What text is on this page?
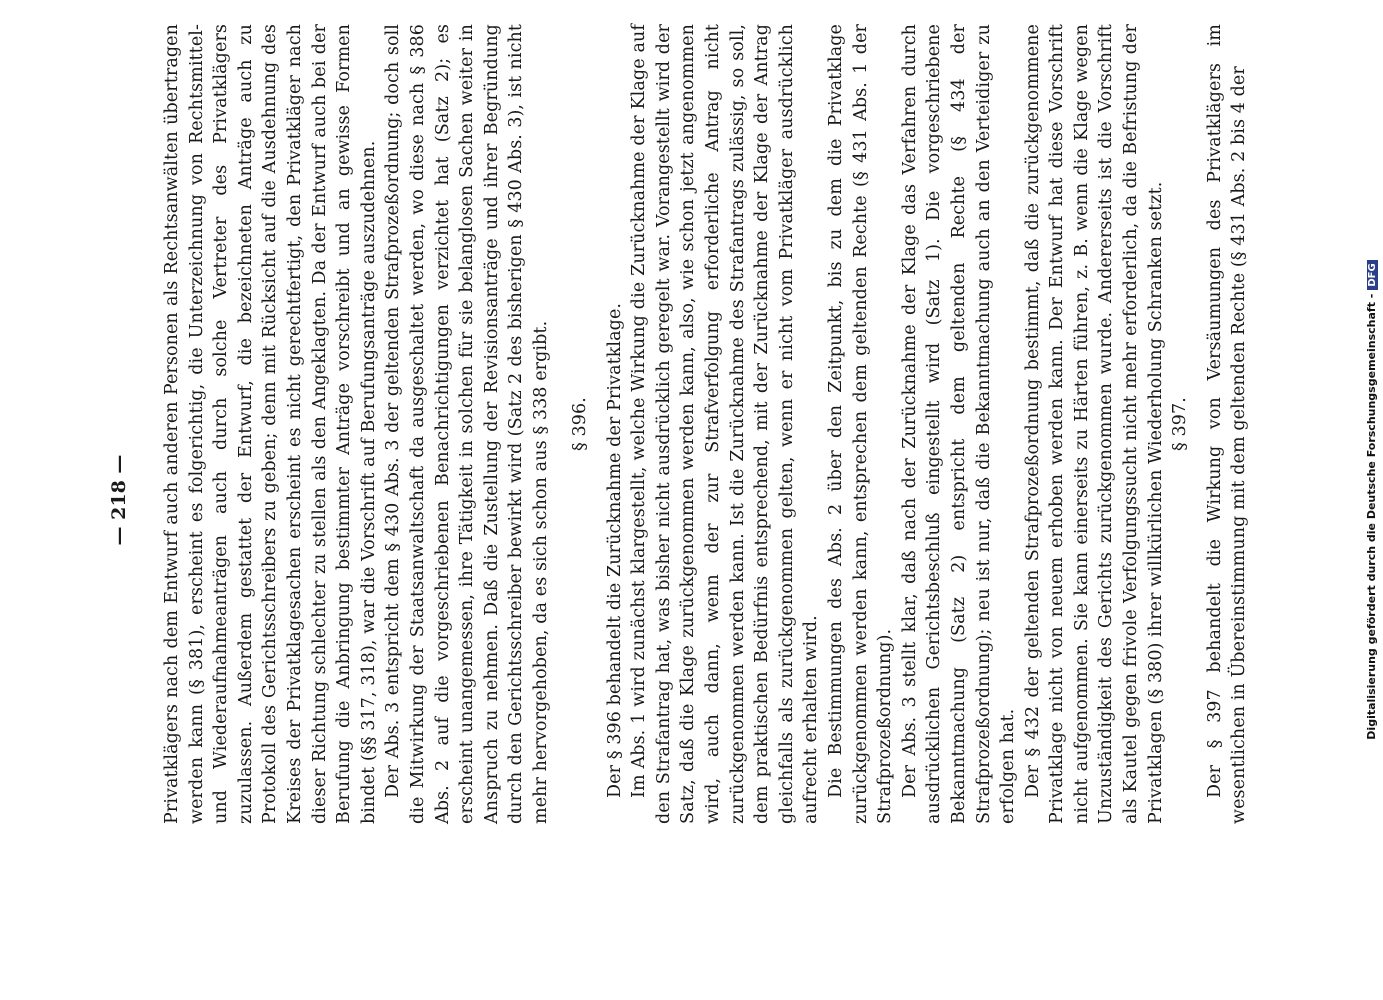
— 218 — Privatklägers nach dem Entwurf auch anderen Personen als Rechtsanwälten übertragen werden kann (§ 381), erscheint es folgerichtig, die Unterzeichnung von Rechtsmittel- und Wiederaufnahmeanträgen auch durch solche Vertreter des Privatklägers zuzulassen. Außerdem gestattet der Entwurf, die bezeichneten Anträge auch zu Protokoll des Gerichtsschreibers zu geben; denn mit Rücksicht auf die Ausdehnung des Kreises der Privatklagesachen erscheint es nicht gerechtfertigt, den Privatkläger nach dieser Richtung schlechter zu stellen als den Angeklagten. Da der Entwurf auch bei der Berufung die Anbringung bestimmter Anträge vorschreibt und an gewisse Formen bindet (§§ 317, 318), war die Vorschrift auf Berufungsanträge auszudehnen. Der Abs. 3 entspricht dem § 430 Abs. 3 der geltenden Strafprozeßordnung; doch soll die Mitwirkung der Staatsanwaltschaft da ausgeschaltet werden, wo diese nach § 386 Abs. 2 auf die vorgeschriebenen Benachrichtigungen verzichtet hat (Satz 2); es erscheint unangemessen, ihre Tätigkeit in solchen für sie belanglosen Sachen weiter in Anspruch zu nehmen. Daß die Zustellung der Revisionsanträge und ihrer Begründung durch den Gerichtsschreiber bewirkt wird (Satz 2 des bisherigen § 430 Abs. 3), ist nicht mehr hervorgehoben, da es sich schon aus § 338 ergibt. § 396. Der § 396 behandelt die Zurücknahme der Privatklage. Im Abs. 1 wird zunächst klargestellt, welche Wirkung die Zurücknahme der Klage auf den Strafantrag hat, was bisher nicht ausdrücklich geregelt war. Vorangestellt wird der Satz, daß die Klage zurückgenommen werden kann, also, wie schon jetzt angenommen wird, auch dann, wenn der zur Strafverfolgung erforderliche Antrag nicht zurückgenommen werden kann. Ist die Zurücknahme des Strafantrags zulässig, so soll, dem praktischen Bedürfnis entsprechend, mit der Zurücknahme der Klage der Antrag gleichfalls als zurückgenommen gelten, wenn er nicht vom Privatkläger ausdrücklich aufrecht erhalten wird. Die Bestimmungen des Abs. 2 über den Zeitpunkt, bis zu dem die Privatklage zurückgenommen werden kann, entsprechen dem geltenden Rechte (§ 431 Abs. 1 der Strafprozeßordnung). Der Abs. 3 stellt klar, daß nach der Zurücknahme der Klage das Verfahren durch ausdrücklichen Gerichtsbeschluß eingestellt wird (Satz 1). Die vorgeschriebene Bekanntmachung (Satz 2) entspricht dem geltenden Rechte (§ 434 der Strafprozeßordnung); neu ist nur, daß die Bekanntmachung auch an den Verteidiger zu erfolgen hat. Der § 432 der geltenden Strafprozeßordnung bestimmt, daß die zurückgenommene Privatklage nicht von neuem erhoben werden kann. Der Entwurf hat diese Vorschrift nicht aufgenommen. Sie kann einerseits zu Härten führen, z. B. wenn die Klage wegen Unzuständigkeit des Gerichts zurückgenommen wurde. Andererseits ist die Vorschrift als Kautel gegen frivole Verfolgungssucht nicht mehr erforderlich, da die Befristung der Privatklagen (§ 380) ihrer willkürlichen Wiederholung Schranken setzt. § 397. Der § 397 behandelt die Wirkung von Versäumungen des Privatklägers im wesentlichen in Übereinstimmung mit dem geltenden Rechte (§ 431 Abs. 2 bis 4 der	Digitalisierung gefördert durch die Deutsche Forschungsgemeinschaft -DFG
